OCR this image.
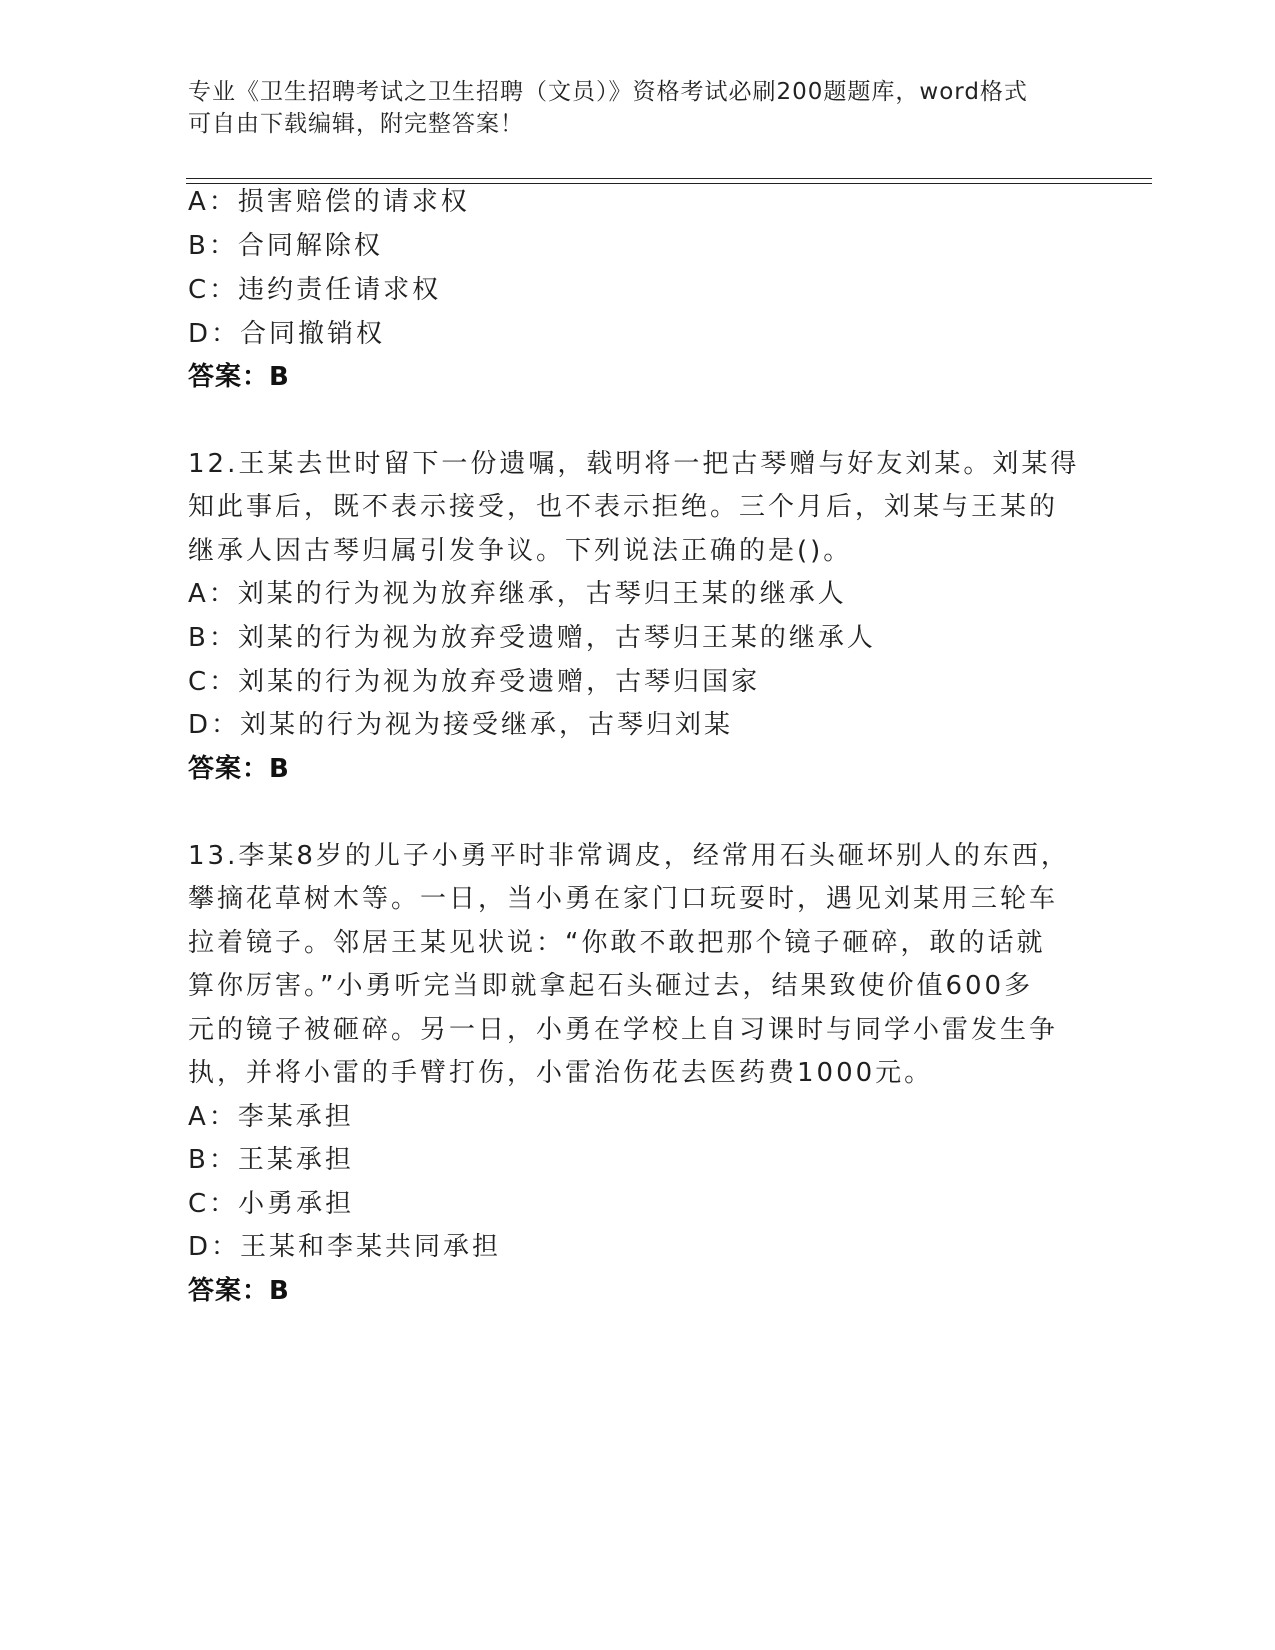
专业《卫生招聘考试之卫生招聘（文员）》资格考试必刷200题题库，word格式
可自由下载编辑，附完整答案！
A：损害赔偿的请求权
B：合同解除权
C：违约责任请求权
D：合同撤销权
答案：B
12.王某去世时留下一份遗嘱，载明将一把古琴赠与好友刘某。刘某得
知此事后，既不表示接受，也不表示拒绝。三个月后，刘某与王某的
继承人因古琴归属引发争议。下列说法正确的是()。
A：刘某的行为视为放弃继承，古琴归王某的继承人
B：刘某的行为视为放弃受遗赠，古琴归王某的继承人
C：刘某的行为视为放弃受遗赠，古琴归国家
D：刘某的行为视为接受继承，古琴归刘某
答案：B
13.李某8岁的儿子小勇平时非常调皮，经常用石头砸坏别人的东西，
攀摘花草树木等。一日，当小勇在家门口玩耍时，遇见刘某用三轮车
拉着镜子。邻居王某见状说：“你敢不敢把那个镜子砸碎，敢的话就
算你厉害。”小勇听完当即就拿起石头砸过去，结果致使价值600多
元的镜子被砸碎。另一日，小勇在学校上自习课时与同学小雷发生争
执，并将小雷的手臂打伤，小雷治伤花去医药费1000元。
A：李某承担
B：王某承担
C：小勇承担
D：王某和李某共同承担
答案：B
